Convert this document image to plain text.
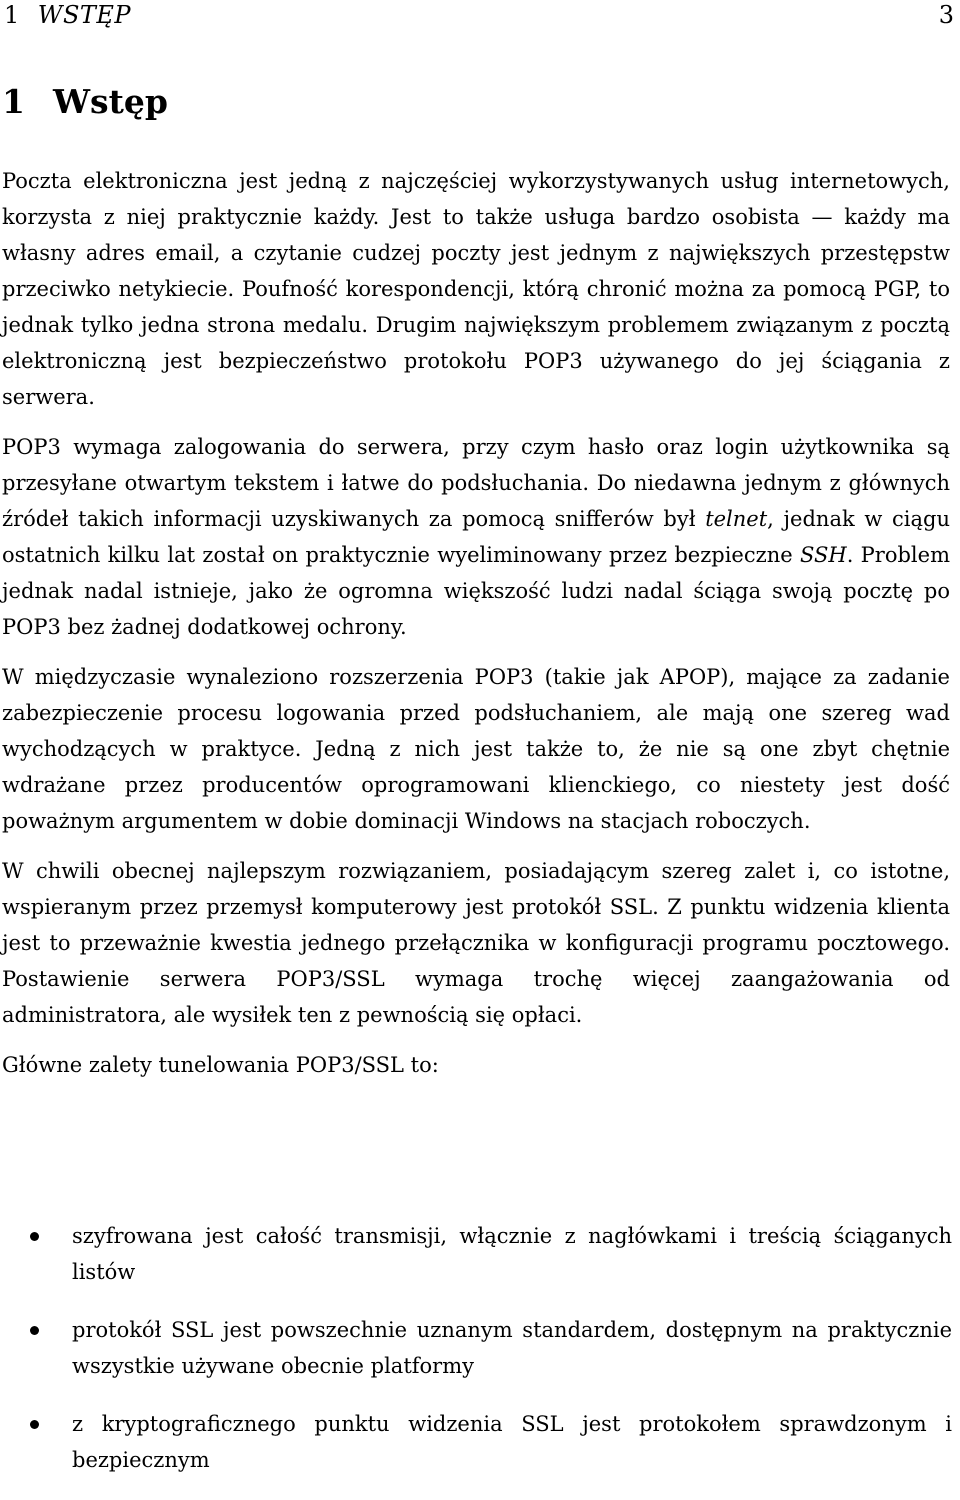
1 WSTĘP	3
1 Wstęp

Poczta elektroniczna jest jedną z najczęściej wykorzystywanych usług internetowych, korzysta z niej praktycznie każdy. Jest to także usługa bardzo osobista — każdy ma własny adres email, a czytanie cudzej poczty jest jednym z największych przestępstw przeciwko netykiecie. Poufność korespondencji, którą chronić można za pomocą PGP, to jednak tylko jedna strona medalu. Drugim największym problemem związanym z pocztą elektroniczną jest bezpieczeństwo protokołu POP3 używanego do jej ściągania z serwera.

POP3 wymaga zalogowania do serwera, przy czym hasło oraz login użytkownika są przesyłane otwartym tekstem i łatwe do podsłuchania. Do niedawna jednym z głównych źródeł takich informacji uzyskiwanych za pomocą snifferów był telnet, jednak w ciągu ostatnich kilku lat został on praktycznie wyeliminowany przez bezpieczne SSH. Problem jednak nadal istnieje, jako że ogromna większość ludzi nadal ściąga swoją pocztę po POP3 bez żadnej dodatkowej ochrony.

W międzyczasie wynaleziono rozszerzenia POP3 (takie jak APOP), mające za zadanie zabezpieczenie procesu logowania przed podsłuchaniem, ale mają one szereg wad wychodzących w praktyce. Jedną z nich jest także to, że nie są one zbyt chętnie wdrażane przez producentów oprogramowani klienckiego, co niestety jest dość poważnym argumentem w dobie dominacji Windows na stacjach roboczych.

W chwili obecnej najlepszym rozwiązaniem, posiadającym szereg zalet i, co istotne, wspieranym przez przemysł komputerowy jest protokół SSL. Z punktu widzenia klienta jest to przeważnie kwestia jednego przełącznika w konfiguracji programu pocztowego. Postawienie serwera POP3/SSL wymaga trochę więcej zaangażowania od administratora, ale wysiłek ten z pewnością się opłaci.

Główne zalety tunelowania POP3/SSL to:

szyfrowana jest całość transmisji, włącznie z nagłówkami i treścią ściąganych listów
protokół SSL jest powszechnie uznanym standardem, dostępnym na praktycznie wszystkie używane obecnie platformy
z kryptograficznego punktu widzenia SSL jest protokołem sprawdzonym i bezpiecznym
